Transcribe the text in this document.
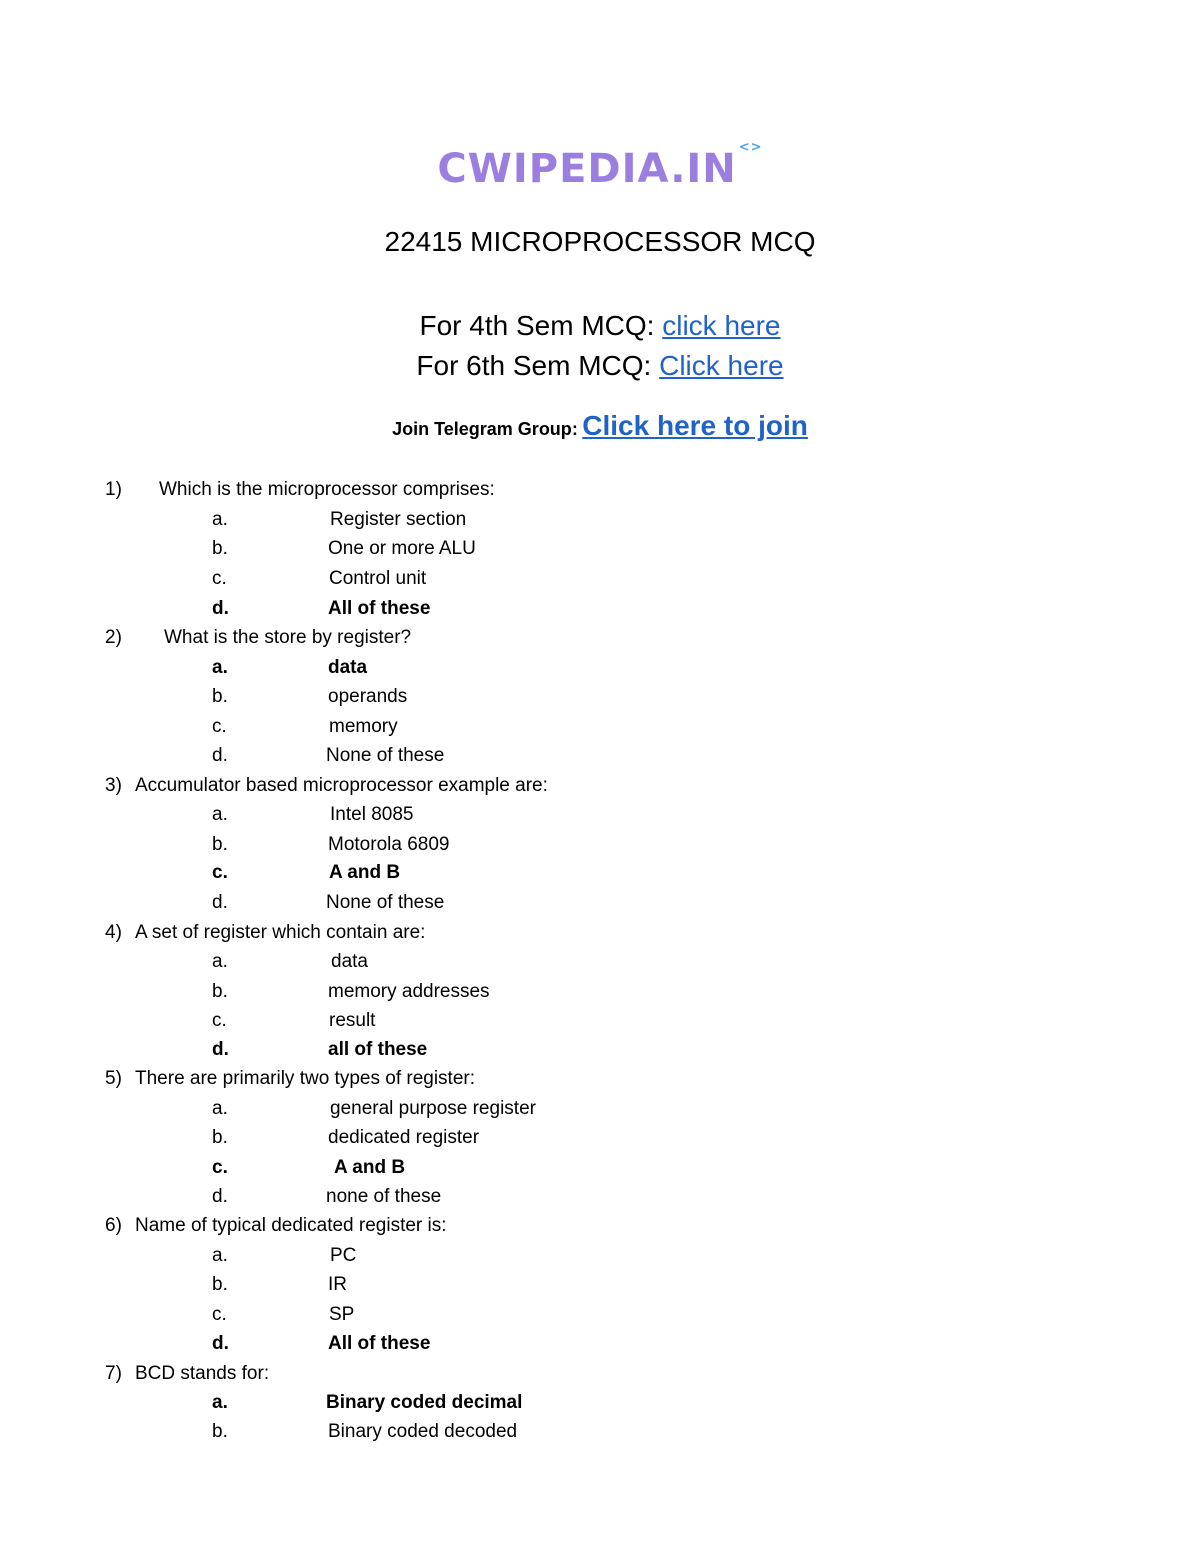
CWIPEDIA.IN <>
22415 MICROPROCESSOR MCQ
For 4th Sem MCQ: click here
For 6th Sem MCQ: Click here
Join Telegram Group: Click here to join
1) Which is the microprocessor comprises:
a.	Register section
b.	One or more ALU
c.	Control unit
d.	All of these
2) What is the store by register?
a.	data
b.	operands
c.	memory
d.	None of these
3) Accumulator based microprocessor example are:
a.	Intel 8085
b.	Motorola 6809
c.	A and B
d.	None of these
4) A set of register which contain are:
a.	data
b.	memory addresses
c.	result
d.	all of these
5) There are primarily two types of register:
a.	general purpose register
b.	dedicated register
c.	A and B
d.	none of these
6) Name of typical dedicated register is:
a.	PC
b.	IR
c.	SP
d.	All of these
7) BCD stands for:
a.	Binary coded decimal
b.	Binary coded decoded
